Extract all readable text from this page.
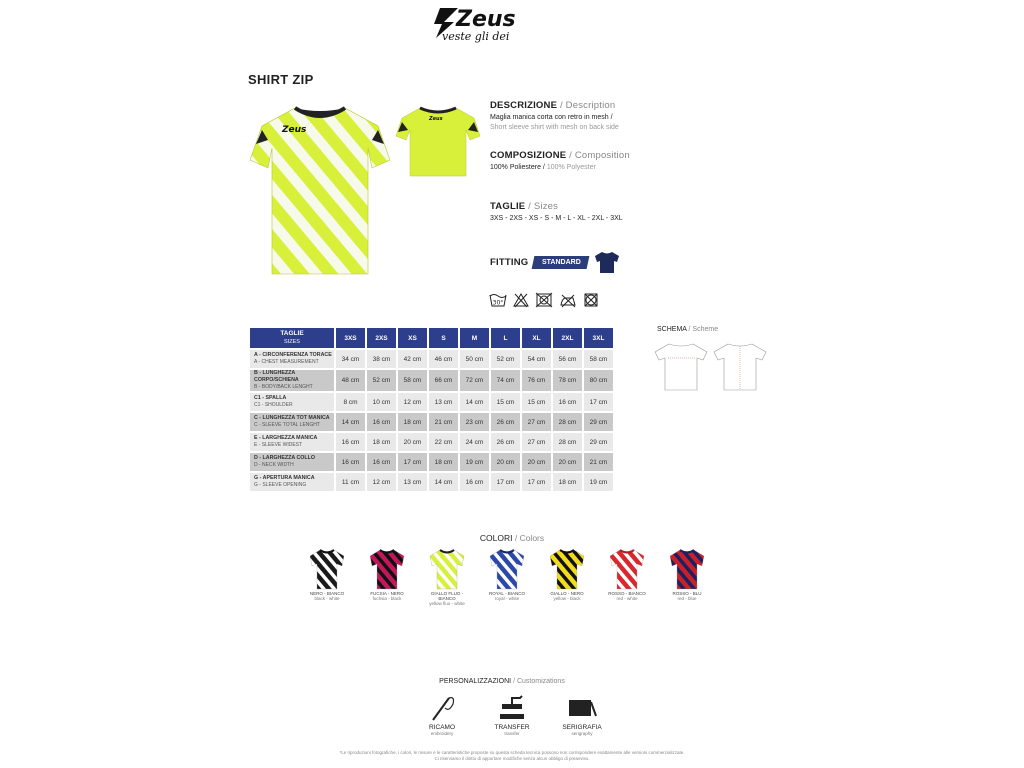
Zeus
veste gli dei
SHIRT ZIP
Zeus
Zeus
DESCRIZIONE / Description
Maglia manica corta con retro in mesh /
Short sleeve shirt with mesh on back side
COMPOSIZIONE / Composition
100% Poliestere / 100% Polyester
TAGLIE / Sizes
3XS - 2XS - XS - S - M - L - XL - 2XL - 3XL
FITTING	STANDARD
30°
TAGLIE
SIZES	3XS	2XS	XS	S	M	L	XL	2XL	3XL

A - CIRCONFERENZA TORACE
A - CHEST MEASUREMENT	34 cm	38 cm	42 cm	46 cm	50 cm	52 cm	54 cm	56 cm	58 cm

B - LUNGHEZZA CORPO/SCHIENA
B - BODY/BACK LENGHT	48 cm	52 cm	58 cm	66 cm	72 cm	74 cm	76 cm	78 cm	80 cm

C1 - SPALLA
C1 - SHOULDER	8 cm	10 cm	12 cm	13 cm	14 cm	15 cm	15 cm	16 cm	17 cm

C - LUNGHEZZA TOT MANICA
C - SLEEVE TOTAL LENGHT	14 cm	16 cm	18 cm	21 cm	23 cm	26 cm	27 cm	28 cm	29 cm

E - LARGHEZZA MANICA
E - SLEEVE WIDEST	16 cm	18 cm	20 cm	22 cm	24 cm	26 cm	27 cm	28 cm	29 cm

D - LARGHEZZA COLLO
D - NECK WIDTH	16 cm	16 cm	17 cm	18 cm	19 cm	20 cm	20 cm	20 cm	21 cm

G - APERTURA MANICA
G - SLEEVE OPENING	11 cm	12 cm	13 cm	14 cm	16 cm	17 cm	17 cm	18 cm	19 cm
SCHEMA / Scheme
COLORI / Colors
NERO - BIANCO
black - white
FUCSIA - NERO
fuchsia - black
GIALLO FLUO - BIANCO
yellow fluo - white
ROYAL - BIANCO
royal - white
GIALLO - NERO
yellow - black
ROSSO - BIANCO
red - white
ROSSO - BLU
red - blue
PERSONALIZZAZIONI / Customizations
RICAMO
embroidery
TRANSFER
transfer
SERIGRAFIA
serigraphy
*Le riproduzioni fotografiche, i colori, le misure e le caratteristiche proposte su questa scheda tecnica possono non corrispondere esattamente alle versioni commercializzate.
Ci riserviamo il diritto di apportare modifiche senza alcun obbligo di preavviso.
